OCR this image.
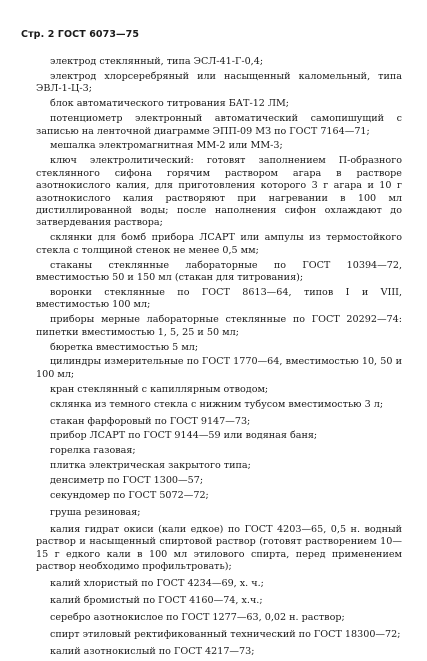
Стр. 2 ГОСТ 6073—75

электрод стеклянный, типа ЭСЛ-41-Г-0,4;

электрод хлорсеребряный или насыщенный каломельный, типа ЭВЛ-1-Ц-3;

блок автоматического титрования БАТ-12 ЛМ;

потенциометр электронный автоматический самопишущий с записью на ленточной диаграмме ЭПП-09 МЗ по ГОСТ 7164—71;

мешалка электромагнитная ММ-2 или ММ-3;

ключ электролитический: готовят заполнением П-образного стеклянного сифона горячим раствором агара в растворе азотнокислого калия, для приготовления которого 3 г агара и 10 г азотнокислого калия растворяют при нагревании в 100 мл дистиллированной воды; после наполнения сифон охлаждают до затвердевания раствора;

склянки для бомб прибора ЛСАРТ или ампулы из термостойкого стекла с толщиной стенок не менее 0,5 мм;

стаканы стеклянные лабораторные по ГОСТ 10394—72, вместимостью 50 и 150 мл (стакан для титрования);

воронки стеклянные по ГОСТ 8613—64, типов I и VIII, вместимостью 100 мл;

приборы мерные лабораторные стеклянные по ГОСТ 20292—74: пипетки вместимостью 1, 5, 25 и 50 мл;

бюретка вместимостью 5 мл;

цилиндры измерительные по ГОСТ 1770—64, вместимостью 10, 50 и 100 мл;

кран стеклянный с капиллярным отводом;

склянка из темного стекла с нижним тубусом вместимостью 3 л;

стакан фарфоровый по ГОСТ 9147—73;

прибор ЛСАРТ по ГОСТ 9144—59 или водяная баня;

горелка газовая;

плитка электрическая закрытого типа;

денсиметр по ГОСТ 1300—57;

секундомер по ГОСТ 5072—72;

груша резиновая;

калия гидрат окиси (кали едкое) по ГОСТ 4203—65, 0,5 н. водный раствор и насыщенный спиртовой раствор (готовят растворением 10—15 г едкого кали в 100 мл этилового спирта, перед применением раствор необходимо профильтровать);

калий хлористый по ГОСТ 4234—69, х. ч.;

калий бромистый по ГОСТ 4160—74, х.ч.;

серебро азотнокислое по ГОСТ 1277—63, 0,02 н. раствор;

спирт этиловый ректификованный технический по ГОСТ 18300—72;

калий азотнокислый по ГОСТ 4217—73;
